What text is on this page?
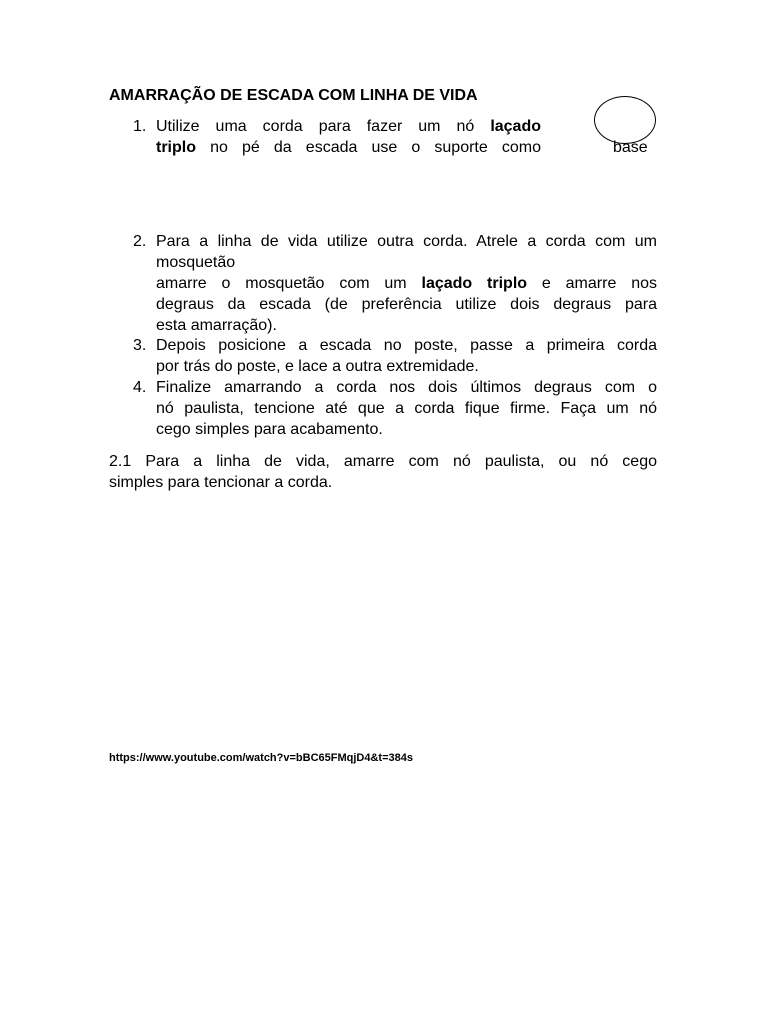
AMARRAÇÃO DE ESCADA COM LINHA DE VIDA
1. Utilize uma corda para fazer um nó laçado
triplo no pé da escada use o suporte como	base
2. Para a linha de vida utilize outra corda. Atrele a corda com um
mosquetão
amarre o mosquetão com um laçado triplo e amarre nos
degraus da escada (de preferência utilize dois degraus para
esta amarração).
3. Depois posicione a escada no poste, passe a primeira corda
por trás do poste, e lace a outra extremidade.
4. Finalize amarrando a corda nos dois últimos degraus com o
nó paulista, tencione até que a corda fique firme. Faça um nó
cego simples para acabamento.
2.1 Para a linha de vida, amarre com nó paulista, ou nó cego
simples para tencionar a corda.
https://www.youtube.com/watch?v=bBC65FMqjD4&t=384s
